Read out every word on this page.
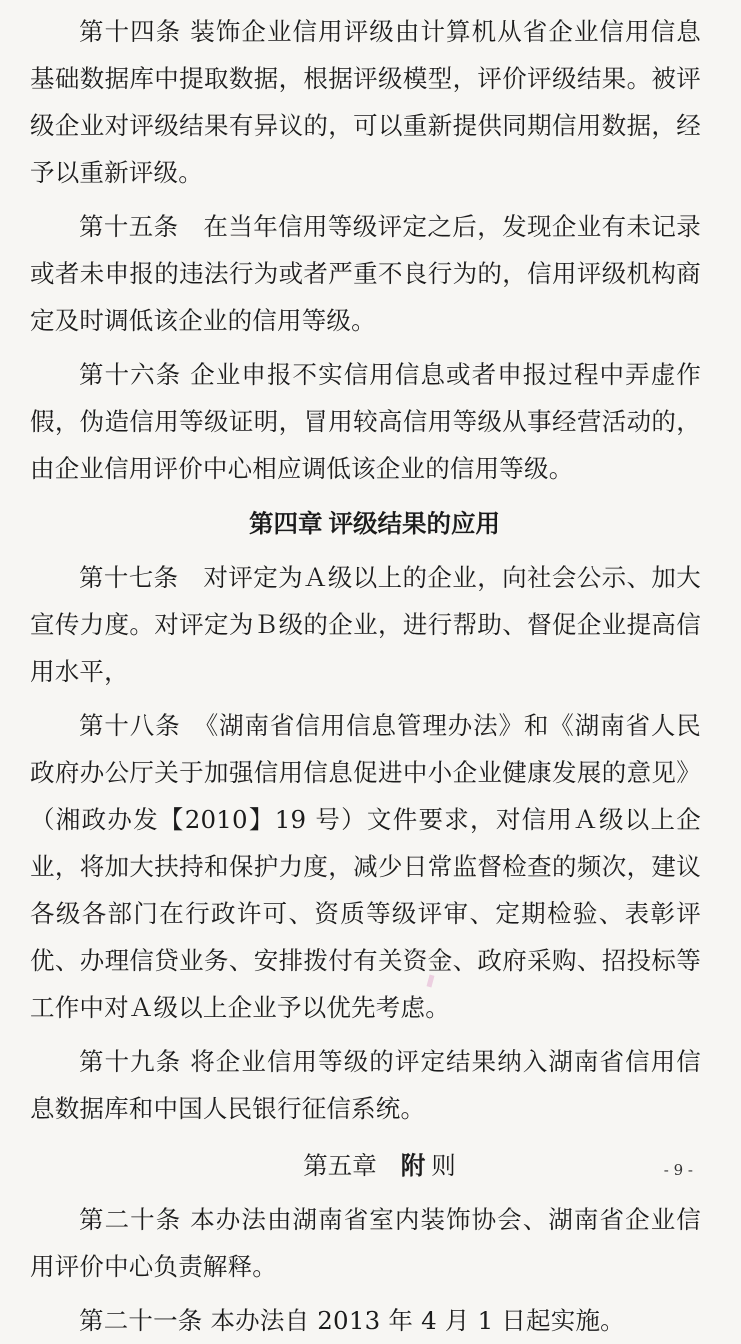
第十四条 装饰企业信用评级由计算机从省企业信用信息基础数据库中提取数据，根据评级模型，评价评级结果。被评级企业对评级结果有异议的，可以重新提供同期信用数据，经予以重新评级。

第十五条　在当年信用等级评定之后，发现企业有未记录或者未申报的违法行为或者严重不良行为的，信用评级机构商定及时调低该企业的信用等级。

第十六条 企业申报不实信用信息或者申报过程中弄虚作假，伪造信用等级证明，冒用较高信用等级从事经营活动的，由企业信用评价中心相应调低该企业的信用等级。

第四章 评级结果的应用

第十七条　对评定为Ａ级以上的企业，向社会公示、加大宣传力度。对评定为Ｂ级的企业，进行帮助、督促企业提高信用水平，

第十八条　《湖南省信用信息管理办法》和《湖南省人民政府办公厅关于加强信用信息促进中小企业健康发展的意见》（湘政办发【2010】19 号）文件要求，对信用Ａ级以上企业，将加大扶持和保护力度，减少日常监督检查的频次，建议各级各部门在行政许可、资质等级评审、定期检验、表彰评优、办理信贷业务、安排拨付有关资金、政府采购、招投标等工作中对Ａ级以上企业予以优先考虑。

第十九条 将企业信用等级的评定结果纳入湖南省信用信息数据库和中国人民银行征信系统。

第五章 附 则

第二十条 本办法由湖南省室内装饰协会、湖南省企业信用评价中心负责解释。

第二十一条 本办法自 2013 年 4 月 1 日起实施。

- 9 -
